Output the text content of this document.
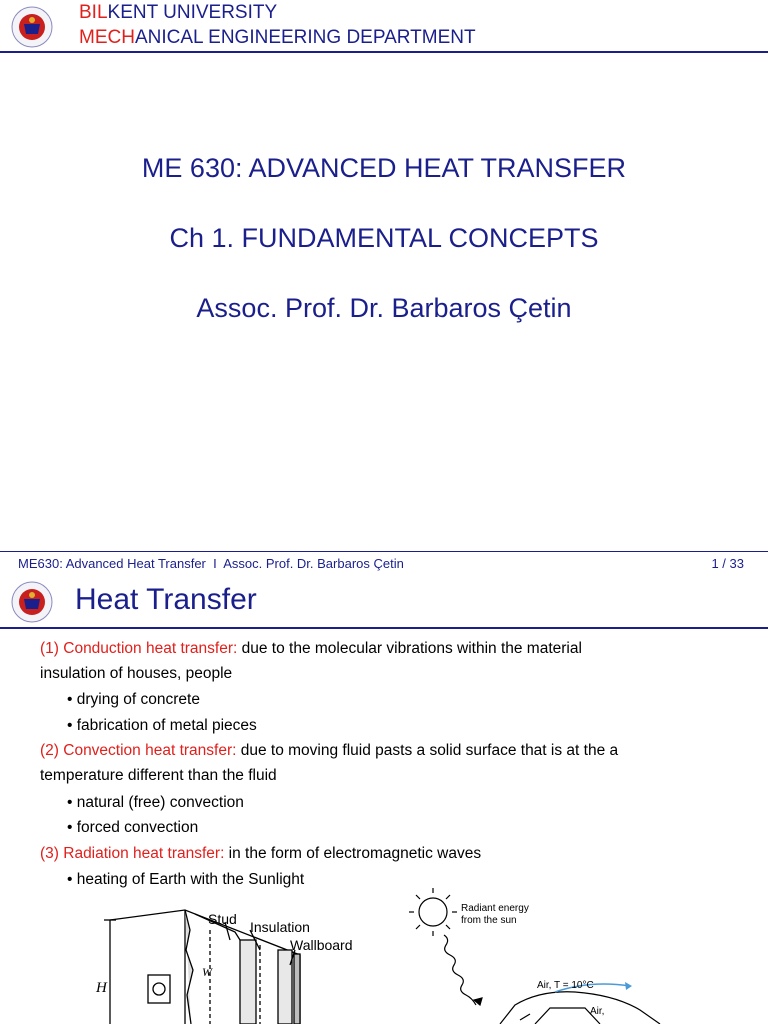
BILKENT UNIVERSITY
MECHANICAL ENGINEERING DEPARTMENT
ME 630: ADVANCED HEAT TRANSFER
Ch 1. FUNDAMENTAL CONCEPTS
Assoc. Prof. Dr. Barbaros Çetin
ME630: Advanced Heat Transfer  I  Assoc. Prof. Dr. Barbaros Çetin	1 / 33
Heat Transfer
(1) Conduction heat transfer: due to the molecular vibrations within the material
insulation of houses, people
• drying of concrete
• fabrication of metal pieces
(2) Convection heat transfer: due to moving fluid pasts a solid surface that is at the a
temperature different than the fluid
• natural (free) convection
• forced convection
(3) Radiation heat transfer: in the form of electromagnetic waves
• heating of Earth with the Sunlight
Stud Insulation
Wallboard
H
W
Radiant energy
from the sun
Air, T = 10°C
Air,
